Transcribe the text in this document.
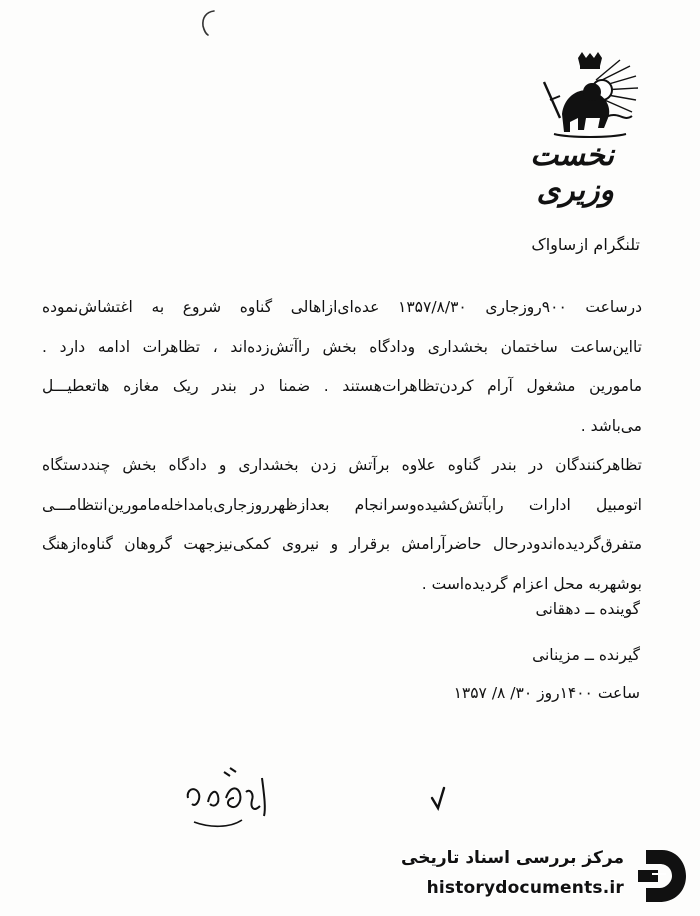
نخست وزیری
تلنگرام ازساواک
درساعت ۹۰۰روزجاری ۱۳۵۷/۸/۳۰ عده‌ای‌ازاهالی گناوه شروع به اغتشاش‌نموده
تااین‌ساعت ساختمان بخشداری ودادگاه بخش راآتش‌زده‌اند ، تظاهرات ادامه دارد .
مامورین مشغول آرام کردن‌تظاهرات‌هستند . ضمنا در بندر ریک مغازه هاتعطیـــل
می‌باشد .
تظاهرکنندگان در بندر گناوه علاوه برآتش زدن بخشداری و دادگاه بخش چنددستگاه
اتومبیل ادارات رابآتش‌کشیده‌وسرانجام بعدازظهرروزجاری‌بامداخله‌مامورین‌انتظامـــی
متفرق‌گردیده‌اندودرحال حاضرآرامش برقرار و نیروی کمکی‌نیزجهت گروهان گناوه‌ازهنگ
بوشهربه محل اعزام گردیده‌است .
گوینده ــ دهقانی
گیرنده ــ مزینانی
ساعت ۱۴۰۰روز ۳۰/ ۸/ ۱۳۵۷
مرکز بررسی اسناد تاریخی
historydocuments.ir
